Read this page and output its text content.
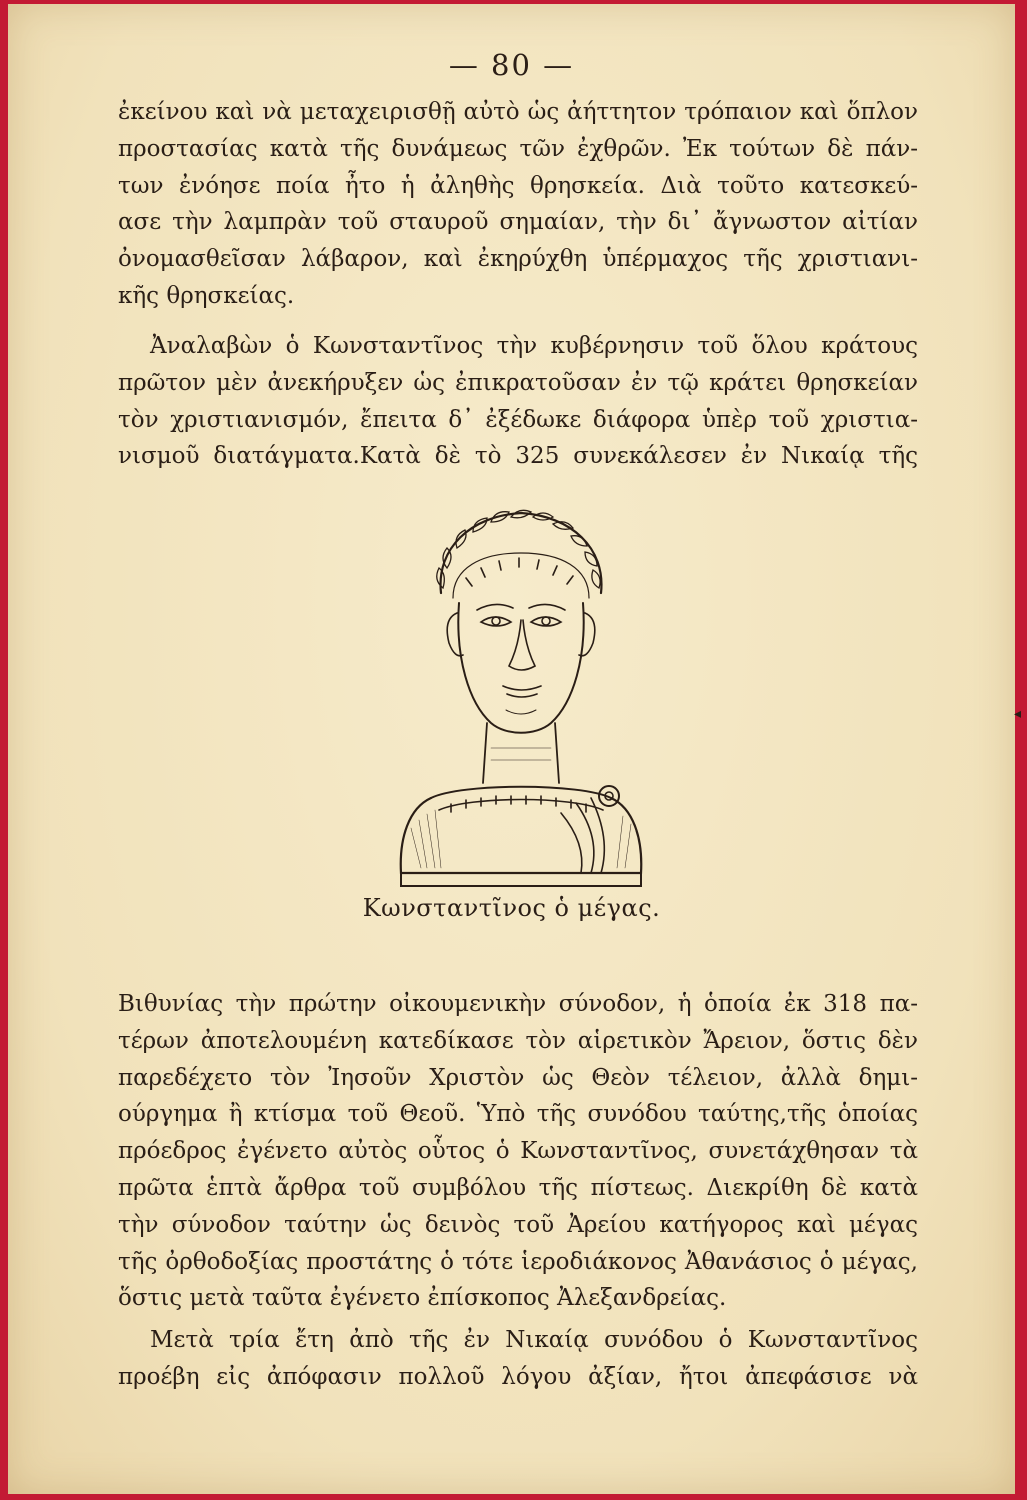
— 80 —
ἐκείνου καὶ νὰ μεταχειρισθῇ αὐτὸ ὡς ἀήττητον τρόπαιον καὶ ὅπλον
προστασίας κατὰ τῆς δυνάμεως τῶν ἐχθρῶν. Ἐκ τούτων δὲ πάν-
των ἐνόησε ποία ἦτο ἡ ἀληθὴς θρησκεία. Διὰ τοῦτο κατεσκεύ-
ασε τὴν λαμπρὰν τοῦ σταυροῦ σημαίαν, τὴν δι᾽ ἄγνωστον αἰτίαν
ὀνομασθεῖσαν λάβαρον, καὶ ἐκηρύχθη ὑπέρμαχος τῆς χριστιανι-
κῆς θρησκείας.
Ἀναλαβὼν ὁ Κωνσταντῖνος τὴν κυβέρνησιν τοῦ ὅλου κράτους
πρῶτον μὲν ἀνεκήρυξεν ὡς ἐπικρατοῦσαν ἐν τῷ κράτει θρησκείαν
τὸν χριστιανισμόν, ἔπειτα δ᾽ ἐξέδωκε διάφορα ὑπὲρ τοῦ χριστια-
νισμοῦ διατάγματα.Κατὰ δὲ τὸ 325 συνεκάλεσεν ἐν Νικαίᾳ τῆς
Κωνσταντῖνος ὁ μέγας.
Βιθυνίας τὴν πρώτην οἰκουμενικὴν σύνοδον, ἡ ὁποία ἐκ 318 πα-
τέρων ἀποτελουμένη κατεδίκασε τὸν αἱρετικὸν Ἄρειον, ὅστις δὲν
παρεδέχετο τὸν Ἰησοῦν Χριστὸν ὡς Θεὸν τέλειον, ἀλλὰ δημι-
ούργημα ἢ κτίσμα τοῦ Θεοῦ. Ὑπὸ τῆς συνόδου ταύτης,τῆς ὁποίας
πρόεδρος ἐγένετο αὐτὸς οὗτος ὁ Κωνσταντῖνος, συνετάχθησαν τὰ
πρῶτα ἑπτὰ ἄρθρα τοῦ συμβόλου τῆς πίστεως. Διεκρίθη δὲ κατὰ
τὴν σύνοδον ταύτην ὡς δεινὸς τοῦ Ἀρείου κατήγορος καὶ μέγας
τῆς ὀρθοδοξίας προστάτης ὁ τότε ἱεροδιάκονος Ἀθανάσιος ὁ μέγας,
ὅστις μετὰ ταῦτα ἐγένετο ἐπίσκοπος Ἀλεξανδρείας.
Μετὰ τρία ἔτη ἀπὸ τῆς ἐν Νικαίᾳ συνόδου ὁ Κωνσταντῖνος
προέβη εἰς ἀπόφασιν πολλοῦ λόγου ἀξίαν, ἤτοι ἀπεφάσισε νὰ
◂
